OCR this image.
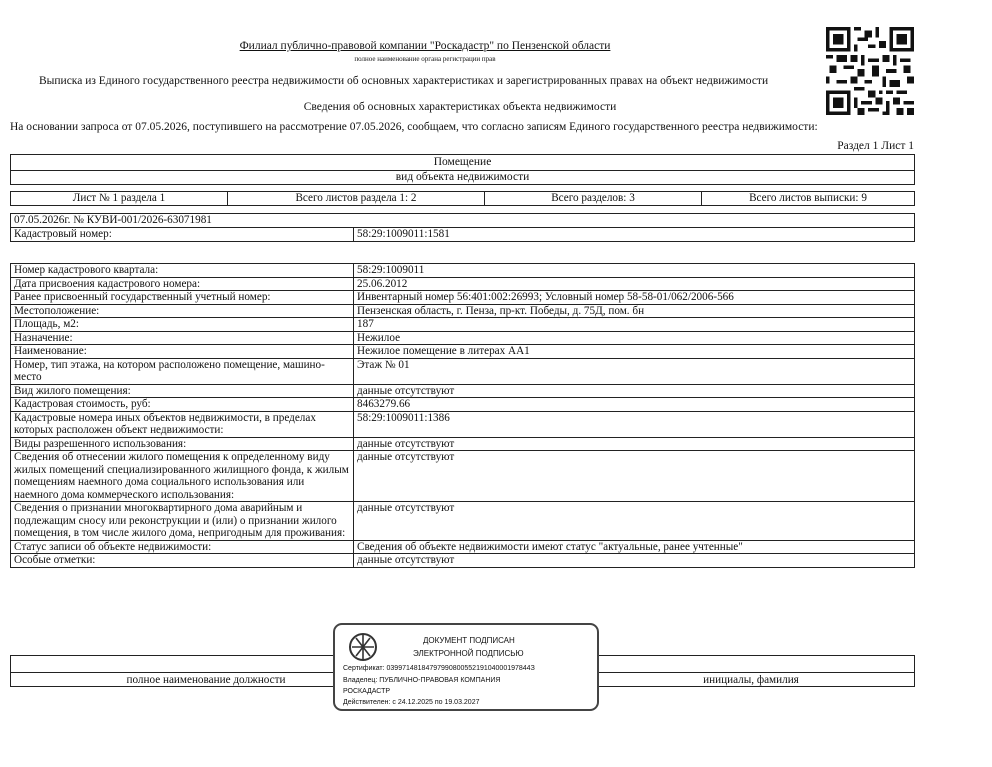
Филиал публично-правовой компании "Роскадастр" по Пензенской области
полное наименование органа регистрации прав
Выписка из Единого государственного реестра недвижимости об основных характеристиках и зарегистрированных правах на объект недвижимости
Сведения об основных характеристиках объекта недвижимости
На основании запроса от 07.05.2026, поступившего на рассмотрение 07.05.2026, сообщаем, что согласно записям Единого государственного реестра недвижимости:
Раздел 1 Лист 1
Помещение
вид объекта недвижимости
Лист № 1 раздела 1	Всего листов раздела 1: 2	Всего разделов: 3	Всего листов выписки: 9
07.05.2026г. № КУВИ-001/2026-63071981
Кадастровый номер:	58:29:1009011:1581
Номер кадастрового квартала:	58:29:1009011
Дата присвоения кадастрового номера:	25.06.2012
Ранее присвоенный государственный учетный номер:	Инвентарный номер 56:401:002:26993; Условный номер 58-58-01/062/2006-566
Местоположение:	Пензенская область, г. Пенза, пр-кт. Победы, д. 75Д, пом. бн
Площадь, м2:	187
Назначение:	Нежилое
Наименование:	Нежилое помещение в литерах АА1
Номер, тип этажа, на котором расположено помещение, машино-место	Этаж № 01
Вид жилого помещения:	данные отсутствуют
Кадастровая стоимость, руб:	8463279.66
Кадастровые номера иных объектов недвижимости, в пределах которых расположен объект недвижимости:	58:29:1009011:1386
Виды разрешенного использования:	данные отсутствуют
Сведения об отнесении жилого помещения к определенному виду жилых помещений специализированного жилищного фонда, к жилым помещениям наемного дома социального использования или наемного дома коммерческого использования:	данные отсутствуют
Сведения о признании многоквартирного дома аварийным и подлежащим сносу или реконструкции и (или) о признании жилого помещения, в том числе жилого дома, непригодным для проживания:	данные отсутствуют
Статус записи об объекте недвижимости:	Сведения об объекте недвижимости имеют статус "актуальные, ранее учтенные"
Особые отметки:	данные отсутствуют
полное наименование должности	инициалы, фамилия
ДОКУМЕНТ ПОДПИСАН
ЭЛЕКТРОННОЙ ПОДПИСЬЮ
Сертификат: 0399714818479799080055219104000197844З
Владелец: ПУБЛИЧНО-ПРАВОВАЯ КОМПАНИЯ
РОСКАДАСТР
Действителен: с 24.12.2025 по 19.03.2027
